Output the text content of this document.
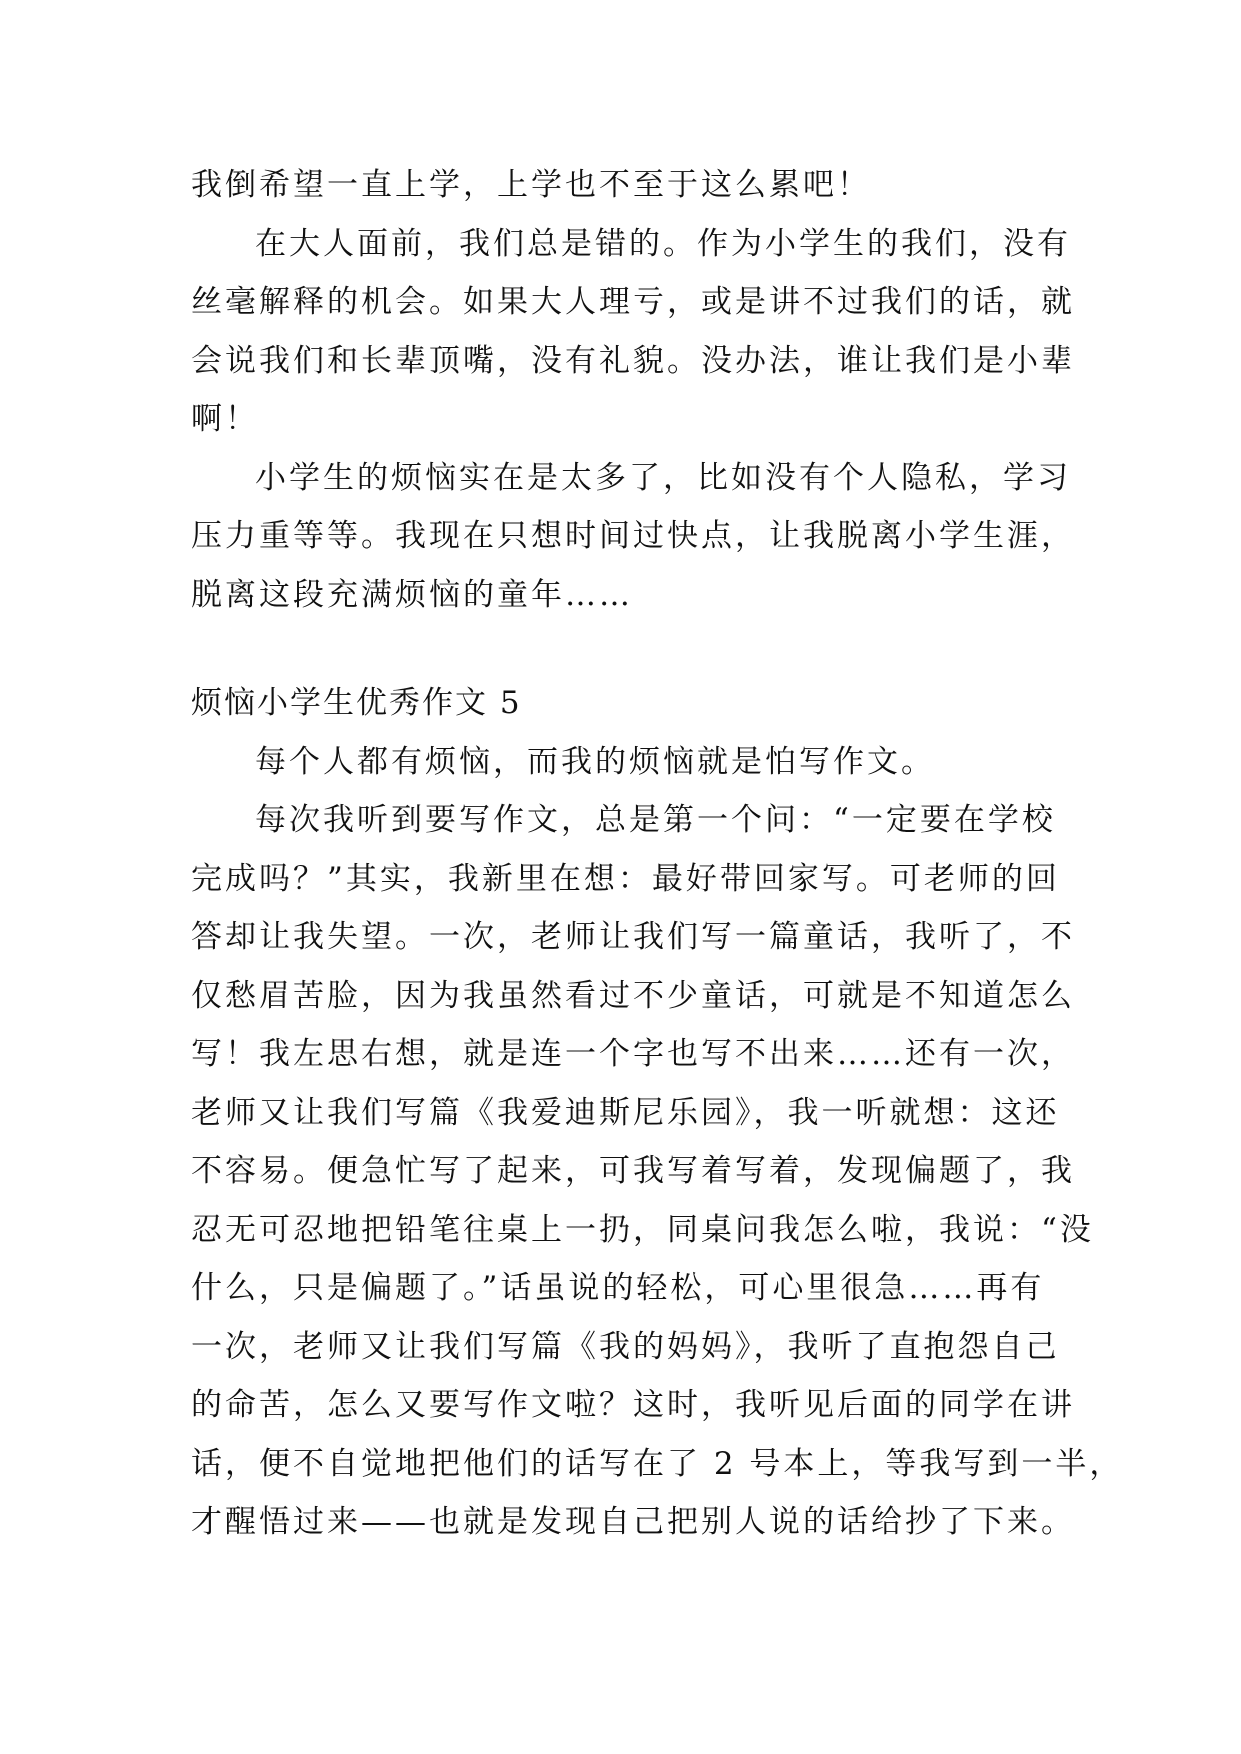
我倒希望一直上学，上学也不至于这么累吧！

在大人面前，我们总是错的。作为小学生的我们，没有

丝毫解释的机会。如果大人理亏，或是讲不过我们的话，就

会说我们和长辈顶嘴，没有礼貌。没办法，谁让我们是小辈

啊！

小学生的烦恼实在是太多了，比如没有个人隐私，学习

压力重等等。我现在只想时间过快点，让我脱离小学生涯，

脱离这段充满烦恼的童年……

烦恼小学生优秀作文 5

每个人都有烦恼，而我的烦恼就是怕写作文。

每次我听到要写作文，总是第一个问：“一定要在学校

完成吗？”其实，我新里在想：最好带回家写。可老师的回

答却让我失望。一次，老师让我们写一篇童话，我听了，不

仅愁眉苦脸，因为我虽然看过不少童话，可就是不知道怎么

写！我左思右想，就是连一个字也写不出来……还有一次，

老师又让我们写篇《我爱迪斯尼乐园》，我一听就想：这还

不容易。便急忙写了起来，可我写着写着，发现偏题了，我

忍无可忍地把铅笔往桌上一扔，同桌问我怎么啦，我说：“没

什么，只是偏题了。”话虽说的轻松，可心里很急……再有

一次，老师又让我们写篇《我的妈妈》，我听了直抱怨自己

的命苦，怎么又要写作文啦？这时，我听见后面的同学在讲

话，便不自觉地把他们的话写在了 2 号本上，等我写到一半，

才醒悟过来——也就是发现自己把别人说的话给抄了下来。
